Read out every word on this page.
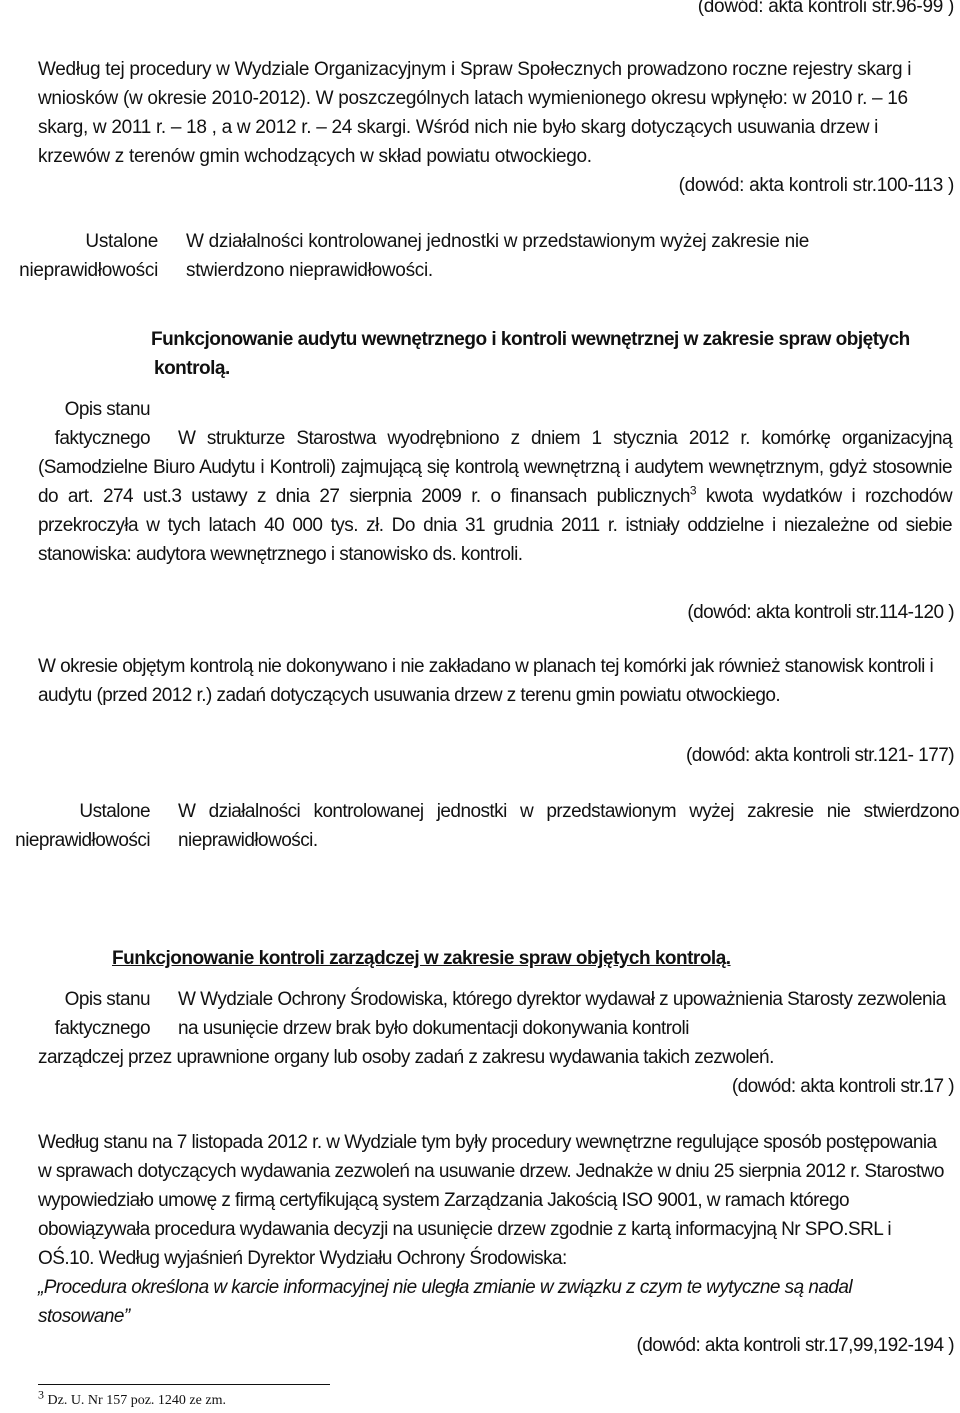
(dowód: akta kontroli str.96-99 )
Według tej procedury w Wydziale Organizacyjnym i Spraw Społecznych prowadzono roczne rejestry skarg i wniosków (w okresie 2010-2012). W poszczególnych latach wymienionego okresu wpłynęło: w 2010 r. – 16 skarg, w 2011 r. – 18 , a w 2012 r. – 24 skargi. Wśród nich nie było skarg dotyczących usuwania drzew i krzewów z terenów gmin wchodzących w skład powiatu otwockiego.
(dowód: akta kontroli str.100-113 )
Ustalone nieprawidłowości
W działalności kontrolowanej jednostki w przedstawionym wyżej zakresie nie stwierdzono nieprawidłowości.
Funkcjonowanie audytu wewnętrznego i kontroli wewnętrznej w zakresie spraw objętych kontrolą.
Opis stanu faktycznego	W strukturze Starostwa wyodrębniono z dniem 1 stycznia 2012 r. komórkę organizacyjną (Samodzielne Biuro Audytu i Kontroli) zajmującą się kontrolą wewnętrzną i audytem wewnętrznym, gdyż stosownie do art. 274 ust.3 ustawy z dnia 27 sierpnia 2009 r. o finansach publicznych$^3$ kwota wydatków i rozchodów przekroczyła w tych latach 40 000 tys. zł. Do dnia 31 grudnia 2011 r. istniały oddzielne i niezależne od siebie stanowiska: audytora wewnętrznego i stanowisko ds. kontroli.
(dowód: akta kontroli str.114-120 )
W okresie objętym kontrolą nie dokonywano i nie zakładano w planach tej komórki jak również stanowisk kontroli i audytu (przed 2012 r.) zadań dotyczących usuwania drzew z terenu gmin powiatu otwockiego.
(dowód: akta kontroli str.121- 177)
Ustalone nieprawidłowości
W działalności kontrolowanej jednostki w przedstawionym wyżej zakresie nie stwierdzono nieprawidłowości.
Funkcjonowanie kontroli zarządczej w zakresie spraw objętych kontrolą.
Opis stanu faktycznego
W Wydziale Ochrony Środowiska, którego dyrektor wydawał z upoważnienia Starosty zezwolenia na usunięcie drzew brak było dokumentacji dokonywania kontroli
zarządczej przez uprawnione organy lub osoby zadań z zakresu wydawania takich zezwoleń.
(dowód: akta kontroli str.17 )
Według stanu na 7 listopada 2012 r. w Wydziale tym były procedury wewnętrzne regulujące sposób postępowania w sprawach dotyczących wydawania zezwoleń na usuwanie drzew. Jednakże w dniu 25 sierpnia 2012 r. Starostwo wypowiedziało umowę z firmą certyfikującą system Zarządzania Jakością ISO 9001, w ramach którego obowiązywała procedura wydawania decyzji na usunięcie drzew zgodnie z kartą informacyjną Nr SPO.SRL i OŚ.10. Według wyjaśnień Dyrektor Wydziału Ochrony Środowiska:
„Procedura określona w karcie informacyjnej nie uległa zmianie w związku z czym te wytyczne są nadal stosowane”
(dowód: akta kontroli str.17,99,192-194 )
$^3$ Dz. U. Nr 157 poz. 1240 ze zm.
